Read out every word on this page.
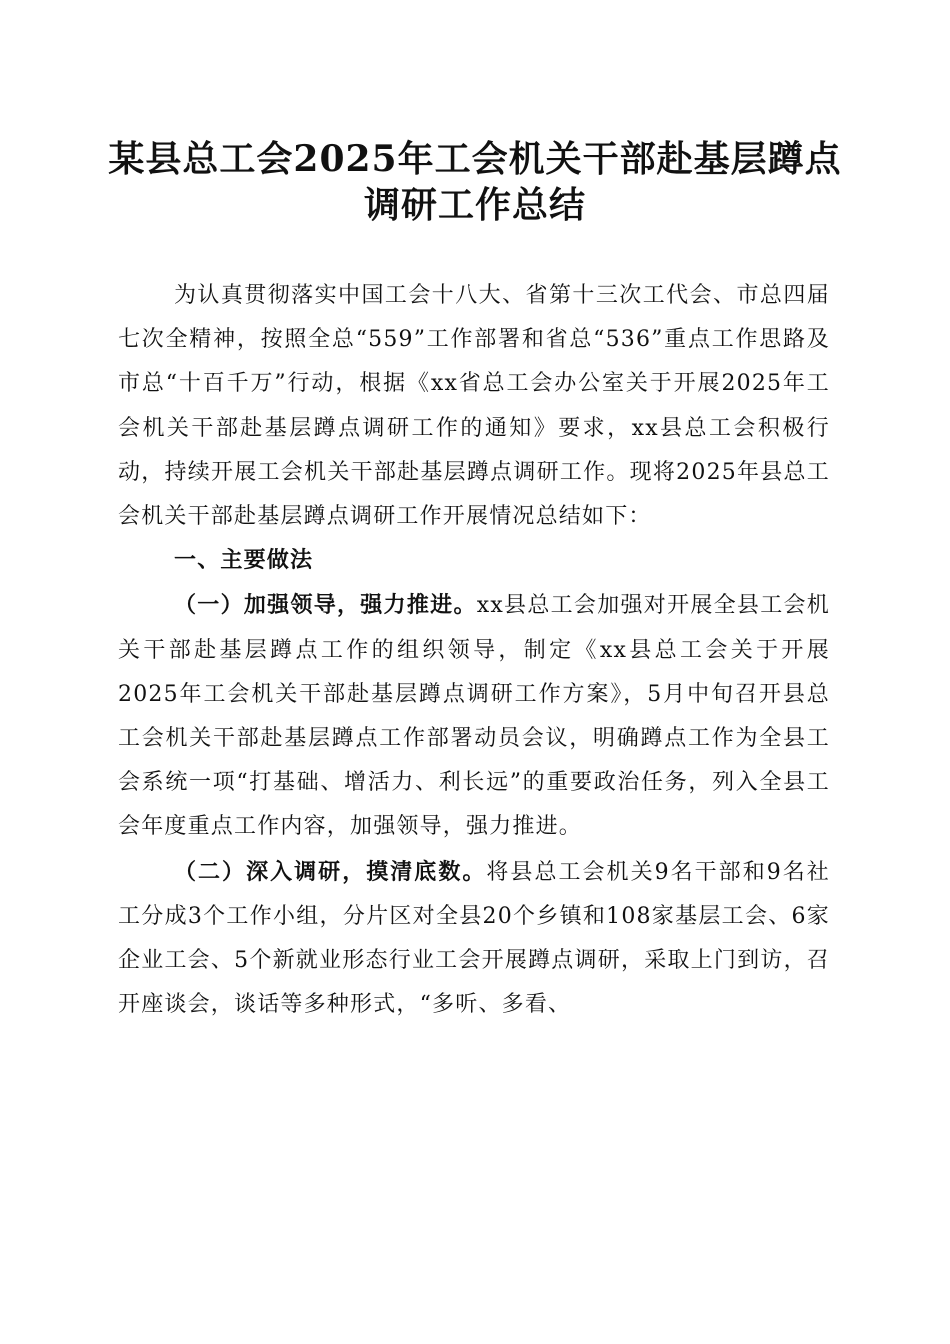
某县总工会2025年工会机关干部赴基层蹲点
调研工作总结

为认真贯彻落实中国工会十八大、省第十三次工代会、市总四届七次全精神，按照全总“559”工作部署和省总“536”重点工作思路及市总“十百千万”行动，根据《xx省总工会办公室关于开展2025年工会机关干部赴基层蹲点调研工作的通知》要求，xx县总工会积极行动，持续开展工会机关干部赴基层蹲点调研工作。现将2025年县总工会机关干部赴基层蹲点调研工作开展情况总结如下：

一、主要做法

（一）加强领导，强力推进。xx县总工会加强对开展全县工会机关干部赴基层蹲点工作的组织领导，制定《xx县总工会关于开展2025年工会机关干部赴基层蹲点调研工作方案》，5月中旬召开县总工会机关干部赴基层蹲点工作部署动员会议，明确蹲点工作为全县工会系统一项“打基础、增活力、利长远”的重要政治任务，列入全县工会年度重点工作内容，加强领导，强力推进。

（二）深入调研，摸清底数。将县总工会机关9名干部和9名社工分成3个工作小组，分片区对全县20个乡镇和108家基层工会、6家企业工会、5个新就业形态行业工会开展蹲点调研，采取上门到访，召开座谈会，谈话等多种形式，“多听、多看、
